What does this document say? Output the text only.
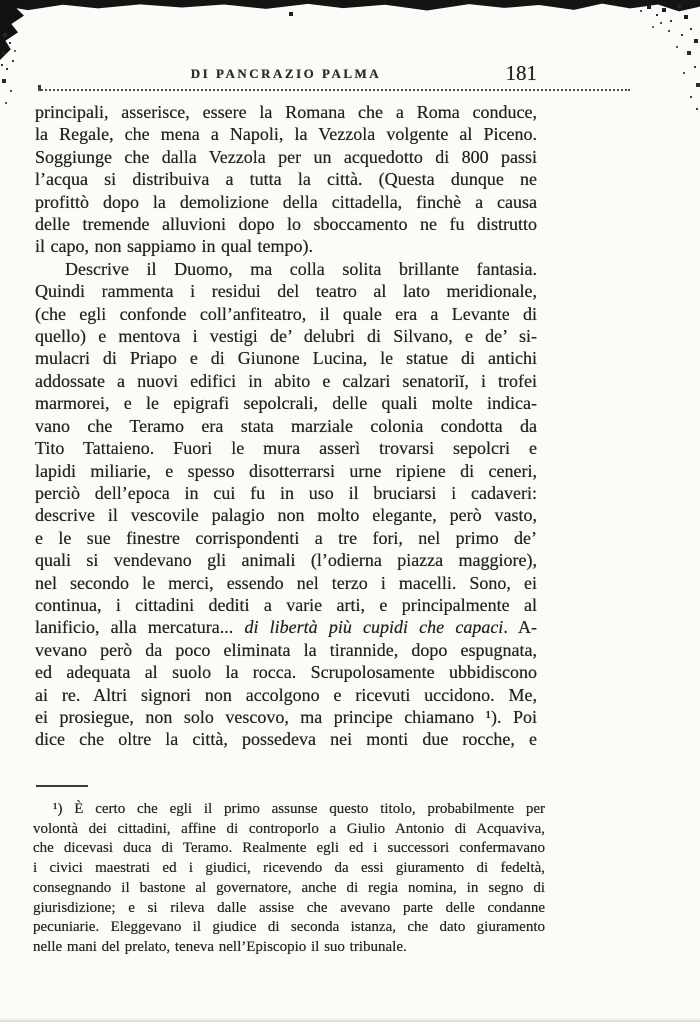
DI PANCRAZIO PALMA	181
principali, asserisce, essere la Romana che a Roma conduce,
la Regale, che mena a Napoli, la Vezzola volgente al Piceno.
Soggiunge che dalla Vezzola per un acquedotto di 800 passi
l’acqua si distribuiva a tutta la città. (Questa dunque ne
profittò dopo la demolizione della cittadella, finchè a causa
delle tremende alluvioni dopo lo sboccamento ne fu distrutto
il capo, non sappiamo in qual tempo).
Descrive il Duomo, ma colla solita brillante fantasia.
Quindi rammenta i residui del teatro al lato meridionale,
(che egli confonde coll’anfiteatro, il quale era a Levante di
quello) e mentova i vestigi de’ delubri di Silvano, e de’ si-
mulacri di Priapo e di Giunone Lucina, le statue di antichi
addossate a nuovi edifici in abito e calzari senatoriĭ, i trofei
marmorei, e le epigrafi sepolcrali, delle quali molte indica-
vano che Teramo era stata marziale colonia condotta da
Tito Tattaieno. Fuori le mura asserì trovarsi sepolcri e
lapidi miliarie, e spesso disotterrarsi urne ripiene di ceneri,
perciò dell’epoca in cui fu in uso il bruciarsi i cadaveri:
descrive il vescovile palagio non molto elegante, però vasto,
e le sue finestre corrispondenti a tre fori, nel primo de’
quali si vendevano gli animali (l’odierna piazza maggiore),
nel secondo le merci, essendo nel terzo i macelli. Sono, ei
continua, i cittadini dediti a varie arti, e principalmente al
lanificio, alla mercatura... di libertà più cupidi che capaci. A-
vevano però da poco eliminata la tirannide, dopo espugnata,
ed adequata al suolo la rocca. Scrupolosamente ubbidiscono
ai re. Altri signori non accolgono e ricevuti uccidono. Me,
ei prosiegue, non solo vescovo, ma principe chiamano ¹). Poi
dice che oltre la città, possedeva nei monti due rocche, e
¹) È certo che egli il primo assunse questo titolo, probabilmente per
volontà dei cittadini, affine di controporlo a Giulio Antonio di Acquaviva,
che dicevasi duca di Teramo. Realmente egli ed i successori confermavano
i civici maestrati ed i giudici, ricevendo da essi giuramento di fedeltà,
consegnando il bastone al governatore, anche di regia nomina, in segno di
giurisdizione; e si rileva dalle assise che avevano parte delle condanne
pecuniarie. Eleggevano il giudice di seconda istanza, che dato giuramento
nelle mani del prelato, teneva nell’Episcopio il suo tribunale.
